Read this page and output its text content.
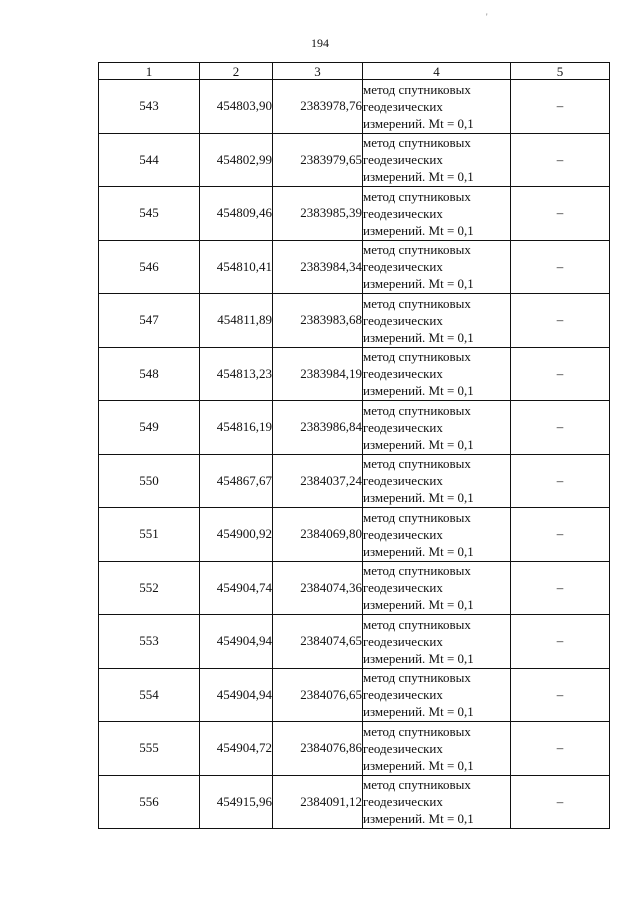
194
'
1	2	3	4	5
543	454803,90	2383978,76	метод спутниковых
геодезических
измерений. Mt = 0,1	–
544	454802,99	2383979,65	метод спутниковых
геодезических
измерений. Mt = 0,1	–
545	454809,46	2383985,39	метод спутниковых
геодезических
измерений. Mt = 0,1	–
546	454810,41	2383984,34	метод спутниковых
геодезических
измерений. Mt = 0,1	–
547	454811,89	2383983,68	метод спутниковых
геодезических
измерений. Mt = 0,1	–
548	454813,23	2383984,19	метод спутниковых
геодезических
измерений. Mt = 0,1	–
549	454816,19	2383986,84	метод спутниковых
геодезических
измерений. Mt = 0,1	–
550	454867,67	2384037,24	метод спутниковых
геодезических
измерений. Mt = 0,1	–
551	454900,92	2384069,80	метод спутниковых
геодезических
измерений. Mt = 0,1	–
552	454904,74	2384074,36	метод спутниковых
геодезических
измерений. Mt = 0,1	–
553	454904,94	2384074,65	метод спутниковых
геодезических
измерений. Mt = 0,1	–
554	454904,94	2384076,65	метод спутниковых
геодезических
измерений. Mt = 0,1	–
555	454904,72	2384076,86	метод спутниковых
геодезических
измерений. Mt = 0,1	–
556	454915,96	2384091,12	метод спутниковых
геодезических
измерений. Mt = 0,1	–
